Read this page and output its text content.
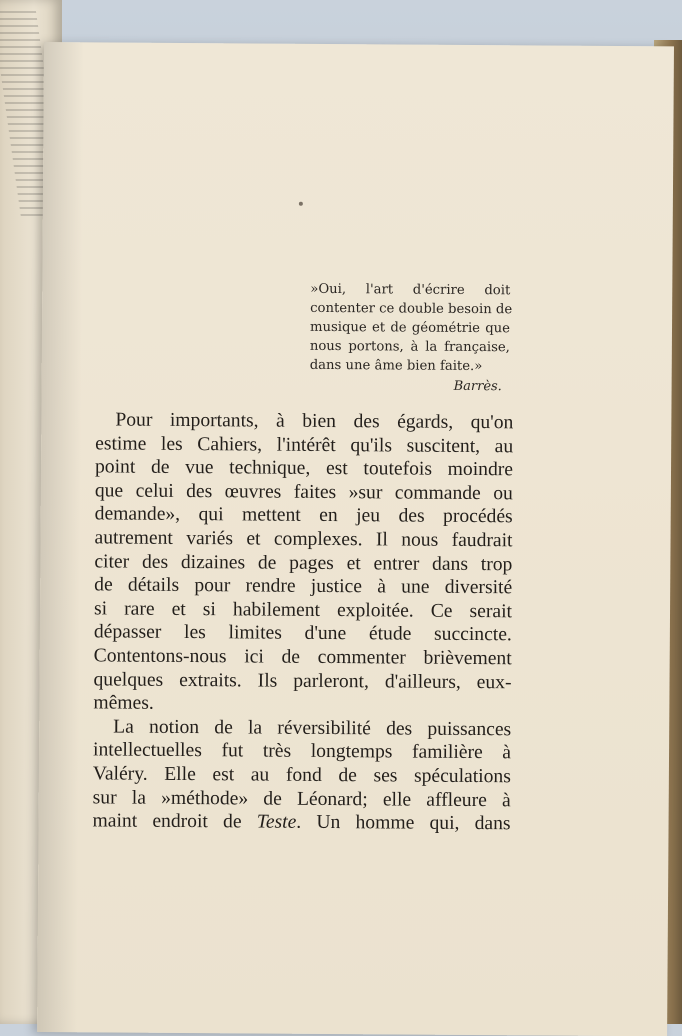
»Oui, l'art d'écrire doit
contenter ce double besoin de
musique et de géométrie que
nous portons, à la française,
dans une âme bien faite.»
Barrès.
Pour importants, à bien des égards, qu'on
estime les Cahiers, l'intérêt qu'ils suscitent, au
point de vue technique, est toutefois moindre
que celui des œuvres faites »sur commande ou
demande», qui mettent en jeu des procédés
autrement variés et complexes. Il nous faudrait
citer des dizaines de pages et entrer dans trop
de détails pour rendre justice à une diversité
si rare et si habilement exploitée. Ce serait
dépasser les limites d'une étude succincte.
Contentons-nous ici de commenter brièvement
quelques extraits. Ils parleront, d'ailleurs, eux-
mêmes.
La notion de la réversibilité des puissances
intellectuelles fut très longtemps familière à
Valéry. Elle est au fond de ses spéculations
sur la »méthode» de Léonard; elle affleure à
maint endroit de Teste. Un homme qui, dans
